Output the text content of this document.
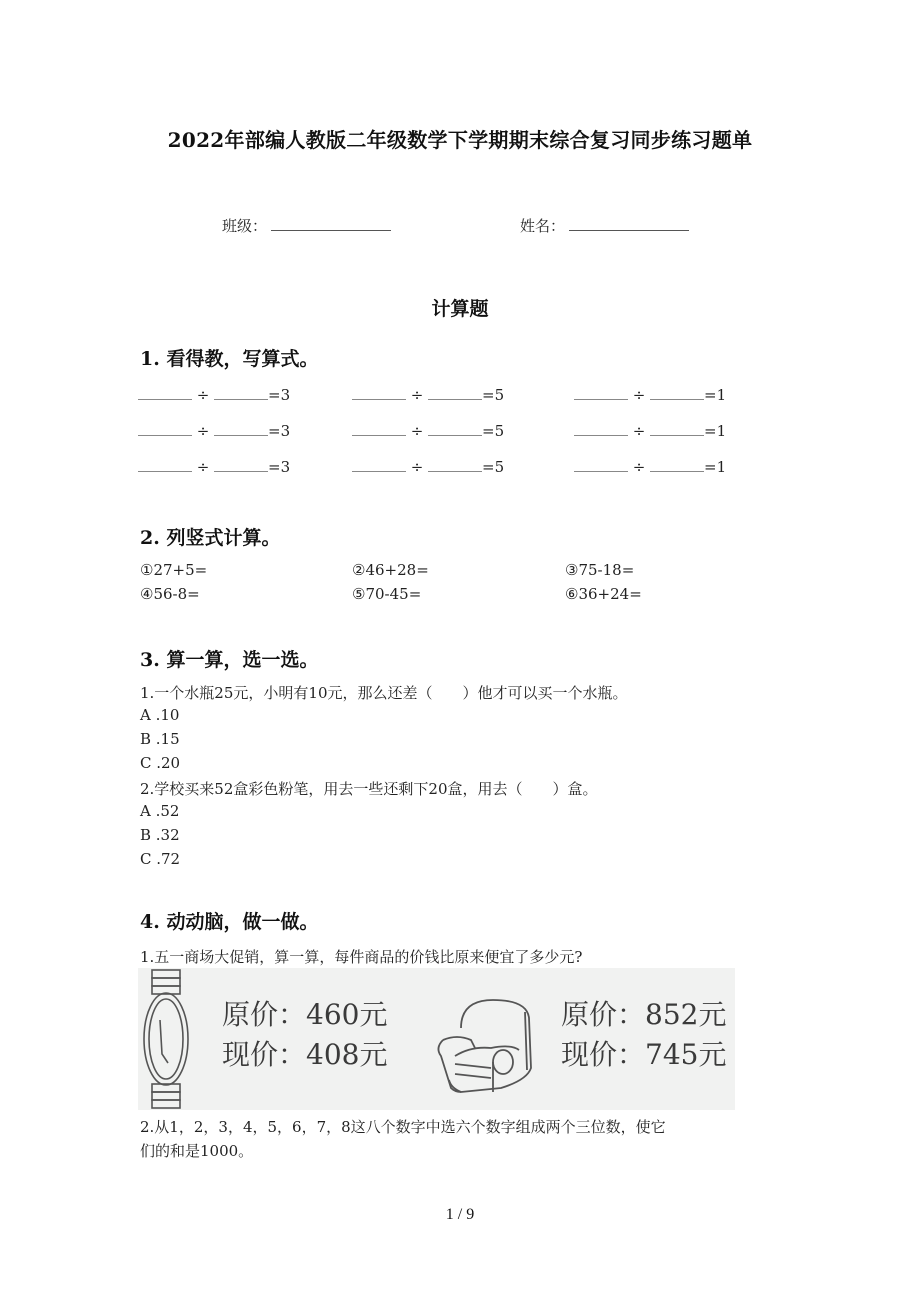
2022年部编人教版二年级数学下学期期末综合复习同步练习题单
班级：	姓名：
计算题
1. 看得教，写算式。
÷	=3	÷	=5	÷	=1
÷	=3	÷	=5	÷	=1
÷	=3	÷	=5	÷	=1
2. 列竖式计算。
①27+5=	②46+28=	③75-18=
④56-8=	⑤70-45=	⑥36+24=
3. 算一算，选一选。
1.一个水瓶25元，小明有10元，那么还差（　　）他才可以买一个水瓶。
A .10
B .15
C .20
2.学校买来52盒彩色粉笔，用去一些还剩下20盒，用去（　　）盒。
A .52
B .32
C .72
4. 动动脑，做一做。
1.五一商场大促销，算一算，每件商品的价钱比原来便宜了多少元?
原价：460元
现价：408元
原价：852元
现价：745元
2.从1，2，3，4，5，6，7，8这八个数字中选六个数字组成两个三位数，使它
们的和是1000。
1 / 9
